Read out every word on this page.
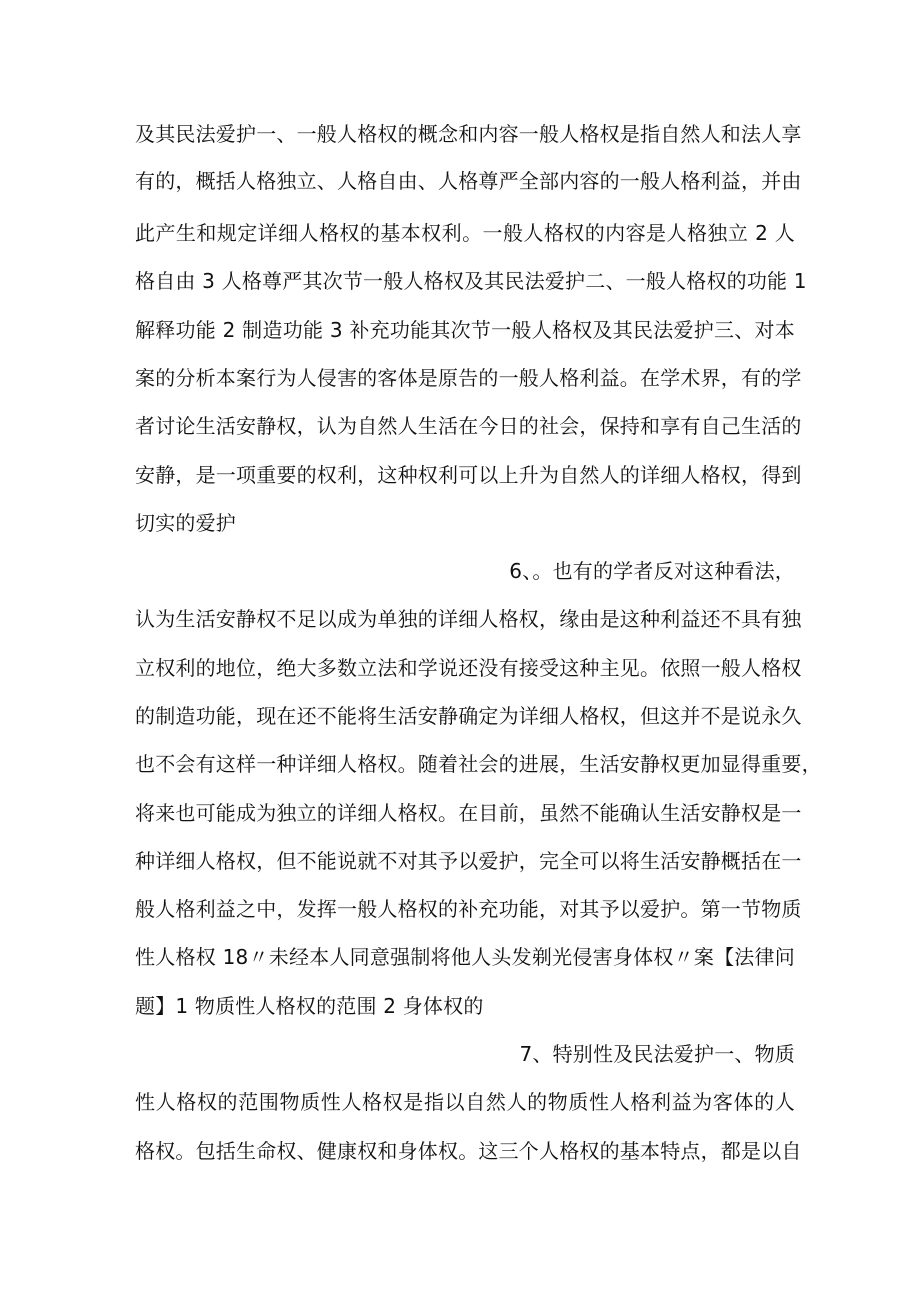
及其民法爱护一、一般人格权的概念和内容一般人格权是指自然人和法人享
有的，概括人格独立、人格自由、人格尊严全部内容的一般人格利益，并由
此产生和规定详细人格权的基本权利。一般人格权的内容是人格独立 2 人
格自由 3 人格尊严其次节一般人格权及其民法爱护二、一般人格权的功能 1
解释功能 2 制造功能 3 补充功能其次节一般人格权及其民法爱护三、对本
案的分析本案行为人侵害的客体是原告的一般人格利益。在学术界，有的学
者讨论生活安静权，认为自然人生活在今日的社会，保持和享有自己生活的
安静，是一项重要的权利，这种权利可以上升为自然人的详细人格权，得到
切实的爱护
6、。也有的学者反对这种看法，
认为生活安静权不足以成为单独的详细人格权，缘由是这种利益还不具有独
立权利的地位，绝大多数立法和学说还没有接受这种主见。依照一般人格权
的制造功能，现在还不能将生活安静确定为详细人格权，但这并不是说永久
也不会有这样一种详细人格权。随着社会的进展，生活安静权更加显得重要，
将来也可能成为独立的详细人格权。在目前，虽然不能确认生活安静权是一
种详细人格权，但不能说就不对其予以爱护，完全可以将生活安静概括在一
般人格利益之中，发挥一般人格权的补充功能，对其予以爱护。第一节物质
性人格权 18〃未经本人同意强制将他人头发剃光侵害身体权〃案【法律问
题】1 物质性人格权的范围 2 身体权的
7、特别性及民法爱护一、物质
性人格权的范围物质性人格权是指以自然人的物质性人格利益为客体的人
格权。包括生命权、健康权和身体权。这三个人格权的基本特点，都是以自
